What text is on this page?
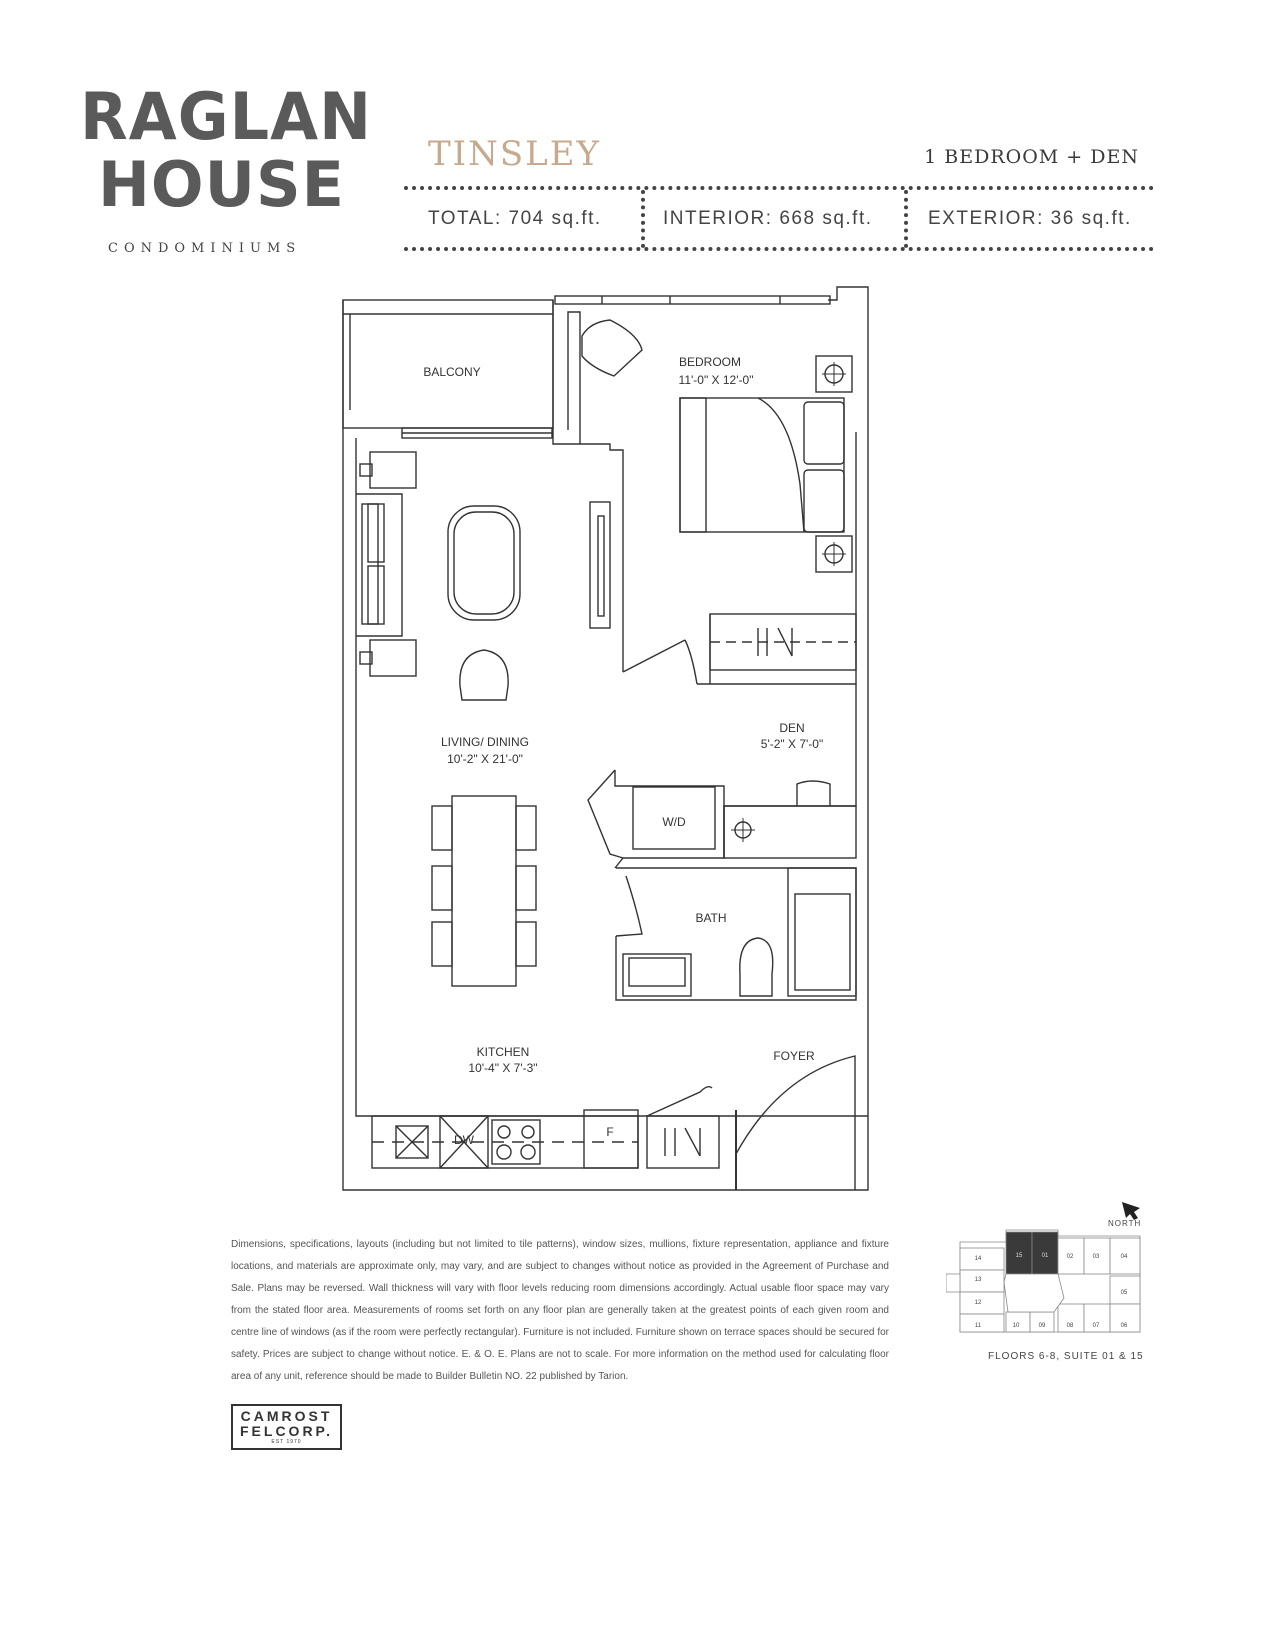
RAGLAN
HOUSE
CONDOMINIUMS
TINSLEY	1 BEDROOM + DEN
TOTAL: 704 sq.ft.	INTERIOR: 668 sq.ft.	EXTERIOR: 36 sq.ft.
BALCONY
BEDROOM
11'-0" X 12'-0"
LIVING/ DINING
10'-2" X 21'-0"
DEN
5'-2" X 7'-0"
W/D
BATH
KITCHEN
10'-4" X 7'-3"
FOYER
DW
F
Dimensions, specifications, layouts (including but not limited to tile patterns), window sizes, mullions, fixture representation, appliance and fixture locations, and materials are approximate only, may vary, and are subject to changes without notice as provided in the Agreement of Purchase and Sale. Plans may be reversed. Wall thickness will vary with floor levels reducing room dimensions accordingly. Actual usable floor space may vary from the stated floor area. Measurements of rooms set forth on any floor plan are generally taken at the greatest points of each given room and centre line of windows (as if the room were perfectly rectangular). Furniture is not included. Furniture shown on terrace spaces should be secured for safety. Prices are subject to change without notice. E. & O. E. Plans are not to scale. For more information on the method used for calculating floor area of any unit, reference should be made to Builder Bulletin NO. 22 published by Tarion.
CAMROST
FELCORP.
EST 1970
NORTH
14	15	01	02	03	04
13
05
12
11	10	09	08	07	06
FLOORS 6-8, SUITE 01 & 15
